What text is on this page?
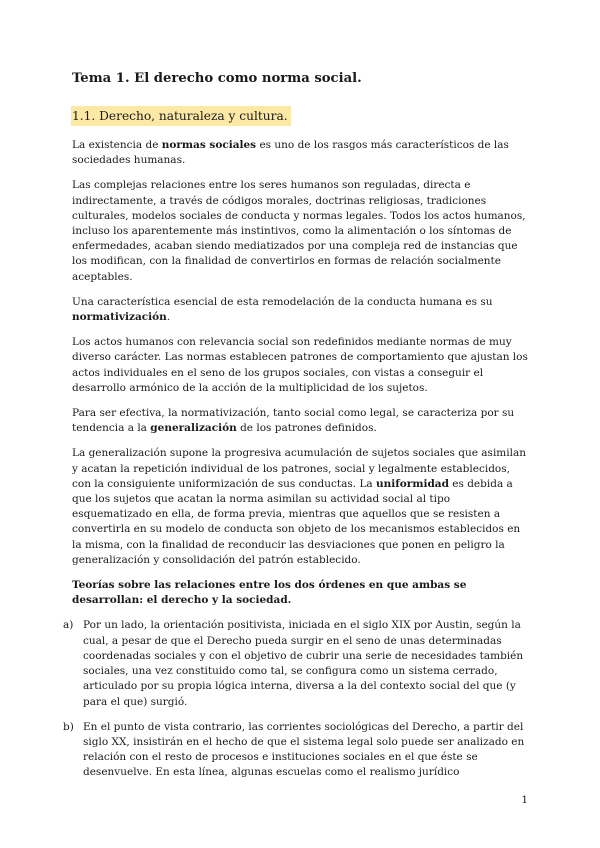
Tema 1. El derecho como norma social.
1.1. Derecho, naturaleza y cultura.

La existencia de normas sociales es uno de los rasgos más característicos de las sociedades humanas.

Las complejas relaciones entre los seres humanos son reguladas, directa e indirectamente, a través de códigos morales, doctrinas religiosas, tradiciones culturales, modelos sociales de conducta y normas legales. Todos los actos humanos, incluso los aparentemente más instintivos, como la alimentación o los síntomas de enfermedades, acaban siendo mediatizados por una compleja red de instancias que los modifican, con la finalidad de convertirlos en formas de relación socialmente aceptables.

Una característica esencial de esta remodelación de la conducta humana es su normativización.

Los actos humanos con relevancia social son redefinidos mediante normas de muy diverso carácter. Las normas establecen patrones de comportamiento que ajustan los actos individuales en el seno de los grupos sociales, con vistas a conseguir el desarrollo armónico de la acción de la multiplicidad de los sujetos.

Para ser efectiva, la normativización, tanto social como legal, se caracteriza por su tendencia a la generalización de los patrones definidos.

La generalización supone la progresiva acumulación de sujetos sociales que asimilan y acatan la repetición individual de los patrones, social y legalmente establecidos, con la consiguiente uniformización de sus conductas. La uniformidad es debida a que los sujetos que acatan la norma asimilan su actividad social al tipo esquematizado en ella, de forma previa, mientras que aquellos que se resisten a convertirla en su modelo de conducta son objeto de los mecanismos establecidos en la misma, con la finalidad de reconducir las desviaciones que ponen en peligro la generalización y consolidación del patrón establecido.

Teorías sobre las relaciones entre los dos órdenes en que ambas se desarrollan: el derecho y la sociedad.

a) Por un lado, la orientación positivista, iniciada en el siglo XIX por Austin, según la cual, a pesar de que el Derecho pueda surgir en el seno de unas determinadas coordenadas sociales y con el objetivo de cubrir una serie de necesidades también sociales, una vez constituido como tal, se configura como un sistema cerrado, articulado por su propia lógica interna, diversa a la del contexto social del que (y para el que) surgió.
b) En el punto de vista contrario, las corrientes sociológicas del Derecho, a partir del siglo XX, insistirán en el hecho de que el sistema legal solo puede ser analizado en relación con el resto de procesos e instituciones sociales en el que éste se desenvuelve. En esta línea, algunas escuelas como el realismo jurídico
1
